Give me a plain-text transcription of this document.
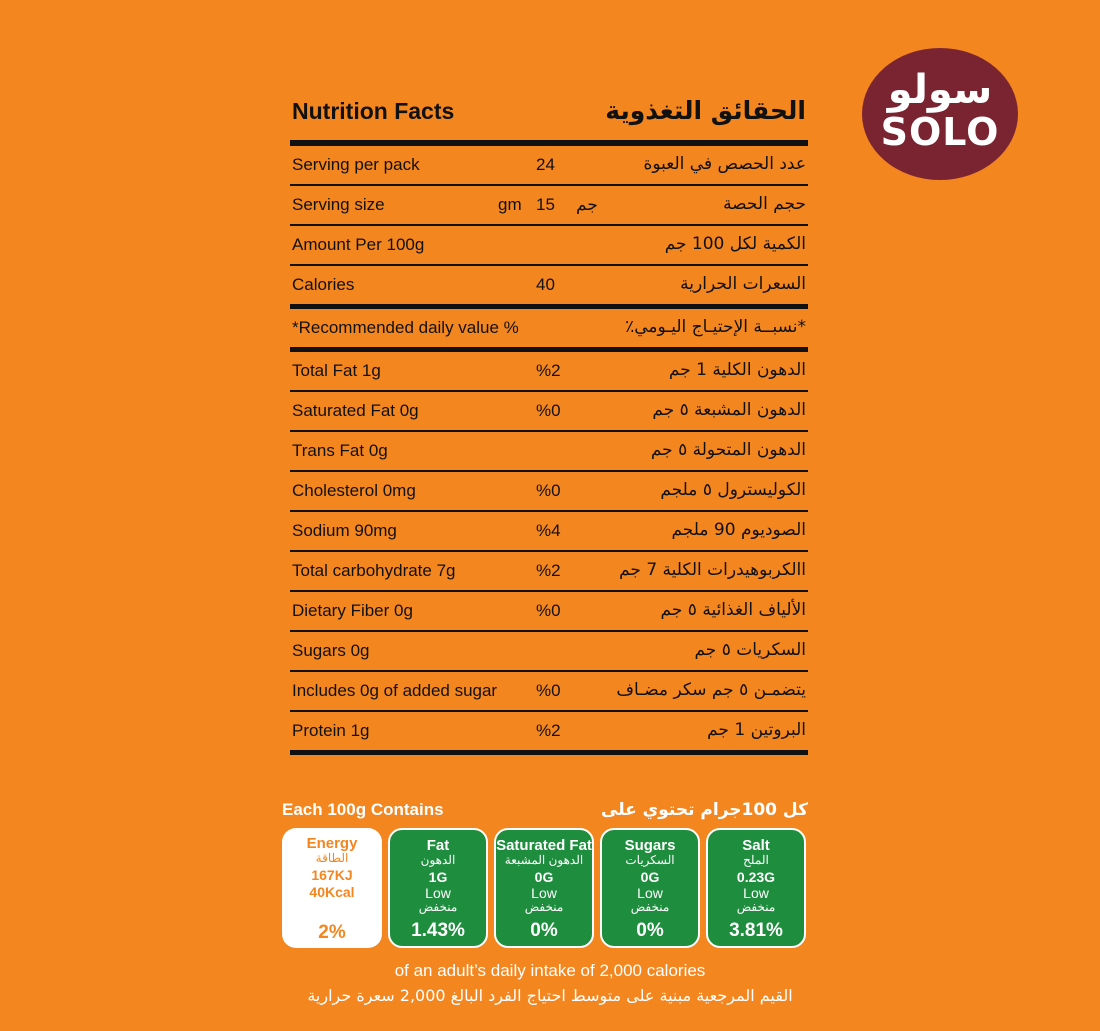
سولو
SOLO
Nutrition Facts	الحقائق التغذوية
Serving per pack	24	عدد الحصص في العبوة
Serving size	gm 15 جم	حجم الحصة
Amount Per 100g	الكمية لكل 100 جم
Calories	40	السعرات الحرارية
*Recommended daily value %	*نسبــة الإحتيـاج اليـومي٪
Total Fat 1g	%2	الدهون الكلية 1 جم
Saturated Fat 0g	%0	الدهون المشبعة ٥ جم
Trans Fat 0g	الدهون المتحولة ٥ جم
Cholesterol 0mg	%0	الكولیسترول ٥ ملجم
Sodium 90mg	%4	الصوديوم 90 ملجم
Total carbohydrate 7g	%2	االكربوهيدرات الكلية 7 جم
Dietary Fiber 0g	%0	الألياف الغذائية ٥ جم
Sugars 0g	السكريات ٥ جم
Includes 0g of added sugar %0	يتضمـن ٥ جم سكر مضـاف
Protein 1g	%2	البروتين 1 جم
Each 100g Contains	كل 100جرام تحتوي على
Energy
الطاقة
167KJ
40Kcal
2%
Fat
الدهون
1G
Low
منخفض
1.43%
Saturated Fat
الدهون المشبعة
0G
Low
منخفض
0%
Sugars
السكريات
0G
Low
منخفض
0%
Salt
الملح
0.23G
Low
منخفض
3.81%
of an adult’s daily intake of 2,000 calories
القيم المرجعية مبنية على متوسط احتياج الفرد البالغ 2,000 سعرة حرارية
